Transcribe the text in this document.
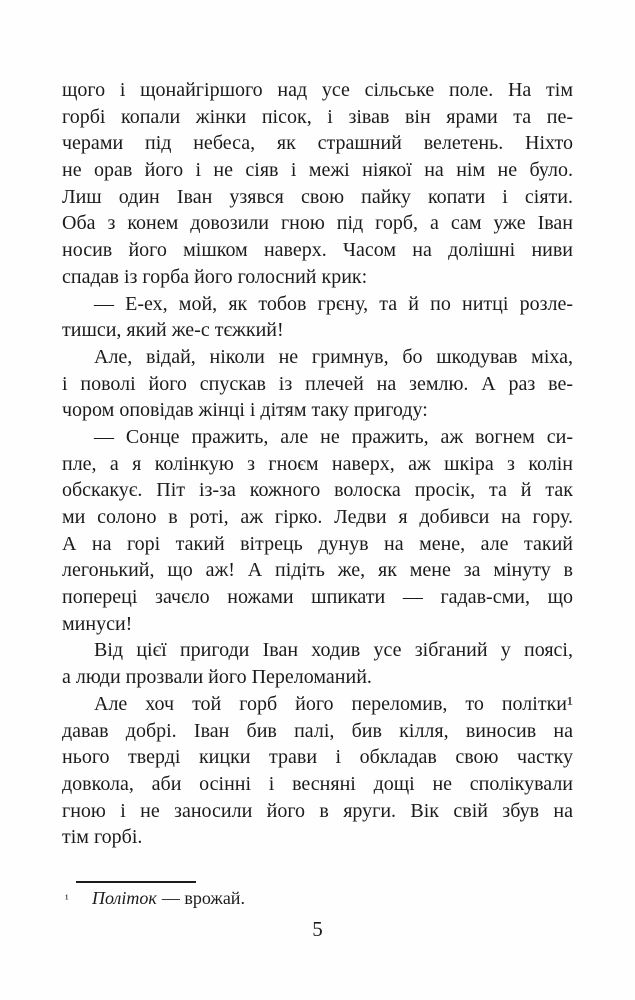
щого і щонайгіршого над усе сільське поле. На тім
горбі копали жінки пісок, і зівав він ярами та пе-
черами під небеса, як страшний велетень. Ніхто
не орав його і не сіяв і межі ніякої на нім не було.
Лиш один Іван узявся свою пайку копати і сіяти.
Оба з конем довозили гною під горб, а сам уже Іван
носив його мішком наверх. Часом на долішні ниви
спадав із горба його голосний крик:
— Е-ех, мой, як тобов грєну, та й по нитці розле-
тишси, який же-с тєжкий!
Але, відай, ніколи не гримнув, бо шкодував міха,
і поволі його спускав із плечей на землю. А раз ве-
чором оповідав жінці і дітям таку пригоду:
— Сонце пражить, але не пражить, аж вогнем си-
пле, а я колінкую з гноєм наверх, аж шкіра з колін
обскакує. Піт із-за кожного волоска просік, та й так
ми солоно в роті, аж гірко. Ледви я добивси на гору.
А на горі такий вітрець дунув на мене, але такий
легонький, що аж! А підіть же, як мене за мінуту в
попереці зачєло ножами шпикати — гадав-сми, що
минуси!
Від цієї пригоди Іван ходив усе зібганий у поясі,
а люди прозвали його Переломаний.
Але хоч той горб його переломив, то політки¹
давав добрі. Іван бив палі, бив кілля, виносив на
нього тверді кицки трави і обкладав свою частку
довкола, аби осінні і весняні дощі не сполікували
гною і не заносили його в яруги. Вік свій збув на
тім горбі.
¹ Політок — врожай.
5
